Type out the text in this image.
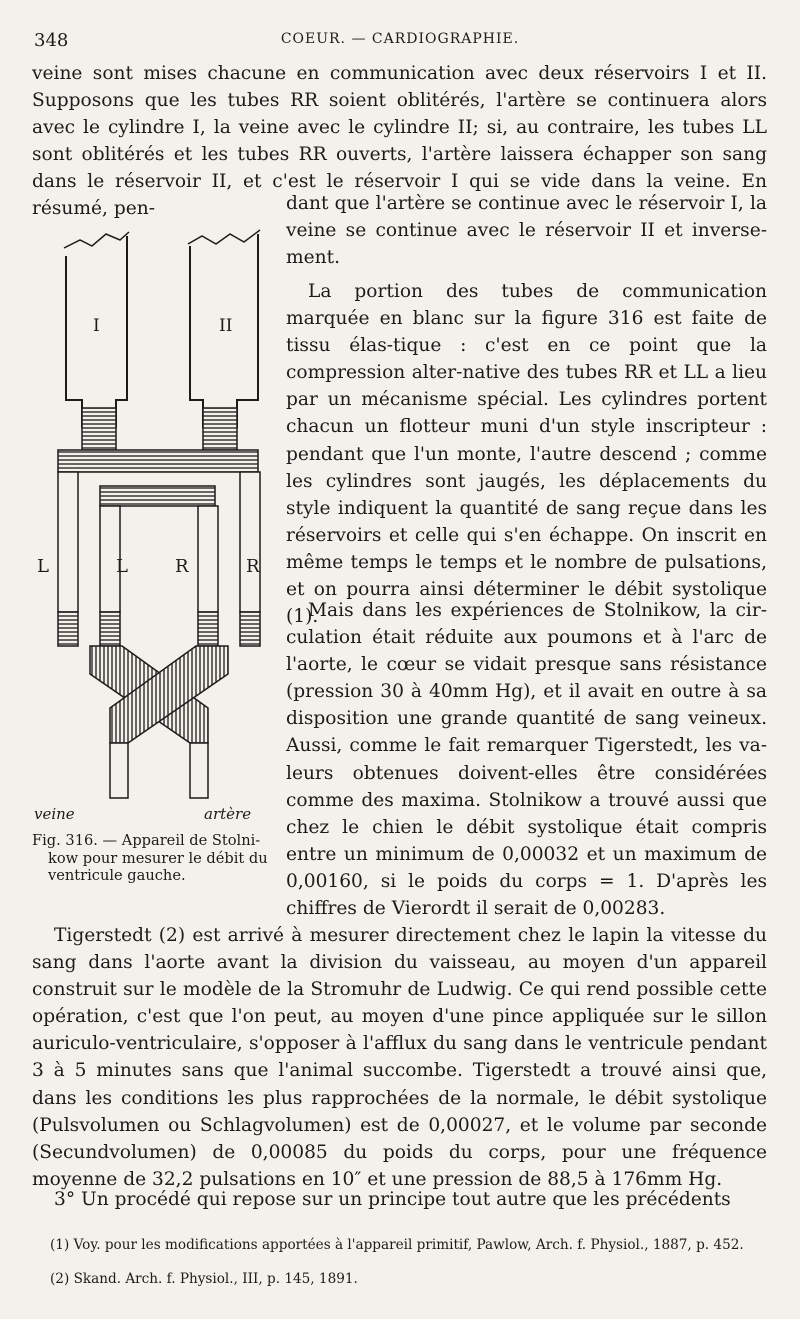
348	COEUR. — CARDIOGRAPHIE.

veine sont mises chacune en communication avec deux réservoirs I et II. Supposons que les tubes RR soient oblitérés, l'artère se continuera alors avec le cylindre I, la veine avec le cylindre II; si, au contraire, les tubes LL sont oblitérés et les tubes RR ouverts, l'artère laissera échapper son sang dans le réservoir II, et c'est le réservoir I qui se vide dans la veine. En résumé, pen-

I	II
L	L	R	R
veine	artère

Fig. 316. — Appareil de Stolni-
kow pour mesurer le débit du
ventricule gauche.

dant que l'artère se continue avec le réservoir I, la veine se continue avec le réservoir II et inverse-ment.

La portion des tubes de communication marquée en blanc sur la figure 316 est faite de tissu élas-tique : c'est en ce point que la compression alter-native des tubes RR et LL a lieu par un mécanisme spécial. Les cylindres portent chacun un flotteur muni d'un style inscripteur : pendant que l'un monte, l'autre descend ; comme les cylindres sont jaugés, les déplacements du style indiquent la quantité de sang reçue dans les réservoirs et celle qui s'en échappe. On inscrit en même temps le temps et le nombre de pulsations, et on pourra ainsi déterminer le débit systolique (1).

Mais dans les expériences de Stolnikow, la cir-culation était réduite aux poumons et à l'arc de l'aorte, le cœur se vidait presque sans résistance (pression 30 à 40mm Hg), et il avait en outre à sa disposition une grande quantité de sang veineux. Aussi, comme le fait remarquer Tigerstedt, les va-leurs obtenues doivent-elles être considérées comme des maxima. Stolnikow a trouvé aussi que chez le chien le débit systolique était compris entre un minimum de 0,00032 et un maximum de 0,00160, si le poids du corps = 1. D'après les chiffres de Vierordt il serait de 0,00283.

Tigerstedt (2) est arrivé à mesurer directement chez le lapin la vitesse du sang dans l'aorte avant la division du vaisseau, au moyen d'un appareil construit sur le modèle de la Stromuhr de Ludwig. Ce qui rend possible cette opération, c'est que l'on peut, au moyen d'une pince appliquée sur le sillon auriculo-ventriculaire, s'opposer à l'afflux du sang dans le ventricule pendant 3 à 5 minutes sans que l'animal succombe. Tigerstedt a trouvé ainsi que, dans les conditions les plus rapprochées de la normale, le débit systolique (Pulsvolumen ou Schlagvolumen) est de 0,00027, et le volume par seconde (Secundvolumen) de 0,00085 du poids du corps, pour une fréquence moyenne de 32,2 pulsations en 10″ et une pression de 88,5 à 176mm Hg.

3° Un procédé qui repose sur un principe tout autre que les précédents

(1) Voy. pour les modifications apportées à l'appareil primitif, Pawlow, Arch. f. Physiol., 1887, p. 452.

(2) Skand. Arch. f. Physiol., III, p. 145, 1891.
